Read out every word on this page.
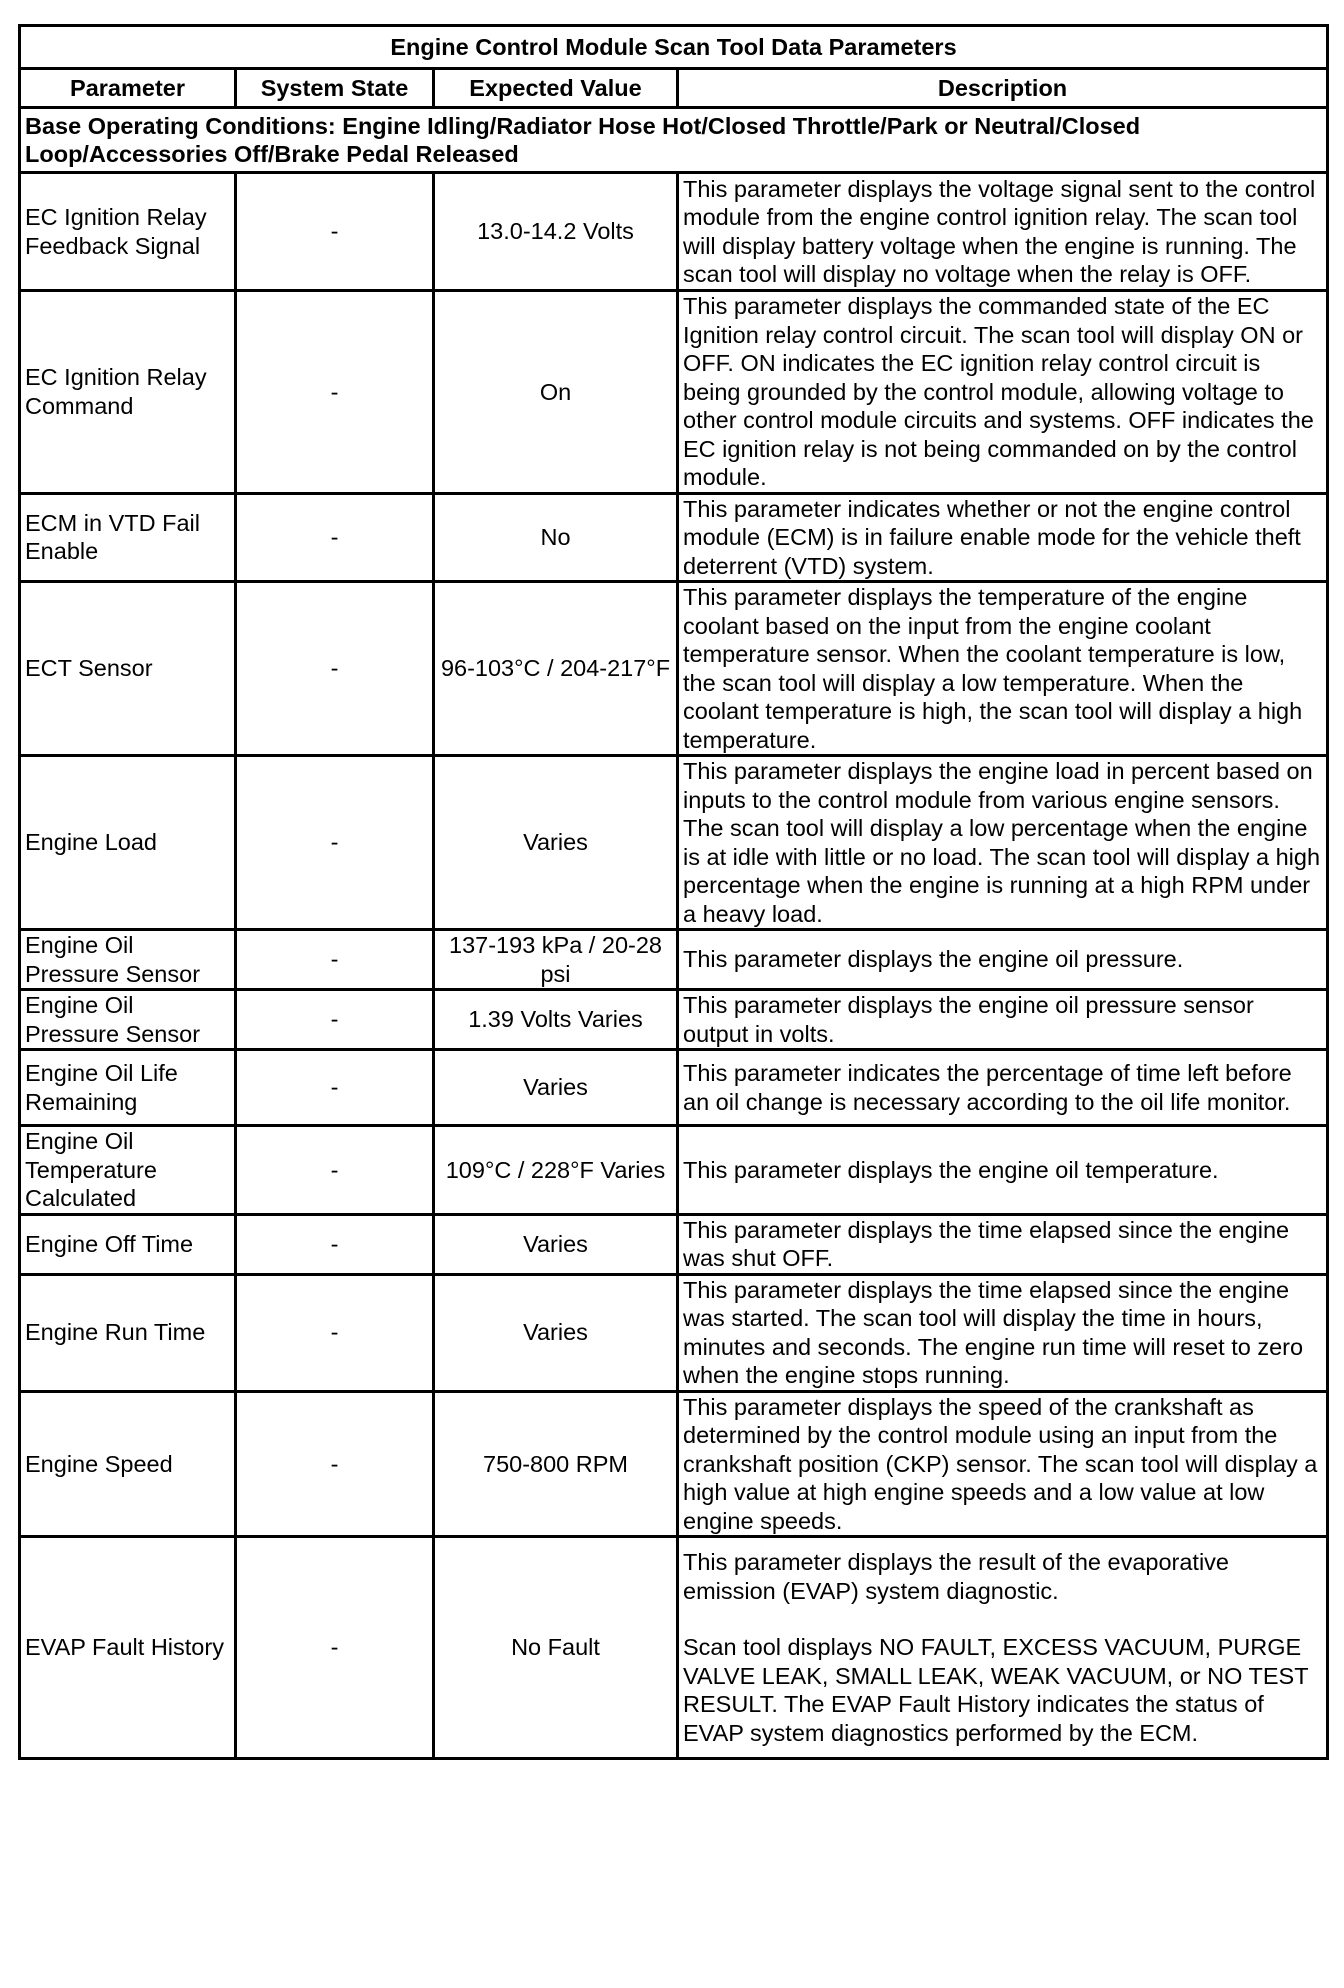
Engine Control Module Scan Tool Data Parameters			
Parameter	System State	Expected Value	Description
Base Operating Conditions: Engine Idling/Radiator Hose Hot/Closed Throttle/Park or Neutral/Closed Loop/Accessories Off/Brake Pedal Released			
EC Ignition Relay Feedback Signal	-	13.0-14.2 Volts	This parameter displays the voltage signal sent to the control module from the engine control ignition relay. The scan tool will display battery voltage when the engine is running. The scan tool will display no voltage when the relay is OFF.

EC Ignition Relay Command	-	On	This parameter displays the commanded state of the EC Ignition relay control circuit. The scan tool will display ON or OFF. ON indicates the EC ignition relay control circuit is being grounded by the control module, allowing voltage to other control module circuits and systems. OFF indicates the EC ignition relay is not being commanded on by the control module.

ECM in VTD Fail Enable	-	No	This parameter indicates whether or not the engine control module (ECM) is in failure enable mode for the vehicle theft deterrent (VTD) system.

ECT Sensor	-	96-103°C / 204-217°F	This parameter displays the temperature of the engine coolant based on the input from the engine coolant temperature sensor. When the coolant temperature is low, the scan tool will display a low temperature. When the coolant temperature is high, the scan tool will display a high temperature.

Engine Load	-	Varies	This parameter displays the engine load in percent based on inputs to the control module from various engine sensors. The scan tool will display a low percentage when the engine is at idle with little or no load. The scan tool will display a high percentage when the engine is running at a high RPM under a heavy load.

Engine Oil Pressure Sensor	-	137-193 kPa / 20-28 psi	This parameter displays the engine oil pressure.

Engine Oil Pressure Sensor	-	1.39 Volts Varies	This parameter displays the engine oil pressure sensor output in volts.

Engine Oil Life Remaining	-	Varies	This parameter indicates the percentage of time left before an oil change is necessary according to the oil life monitor.

Engine Oil Temperature Calculated	-	109°C / 228°F Varies	This parameter displays the engine oil temperature.

Engine Off Time	-	Varies	This parameter displays the time elapsed since the engine was shut OFF.

Engine Run Time	-	Varies	This parameter displays the time elapsed since the engine was started. The scan tool will display the time in hours, minutes and seconds. The engine run time will reset to zero when the engine stops running.

Engine Speed	-	750-800 RPM	This parameter displays the speed of the crankshaft as determined by the control module using an input from the crankshaft position (CKP) sensor. The scan tool will display a high value at high engine speeds and a low value at low engine speeds.

EVAP Fault History	-	No Fault	This parameter displays the result of the evaporative emission (EVAP) system diagnostic.

Scan tool displays NO FAULT, EXCESS VACUUM, PURGE VALVE LEAK, SMALL LEAK, WEAK VACUUM, or NO TEST RESULT. The EVAP Fault History indicates the status of EVAP system diagnostics performed by the ECM.
